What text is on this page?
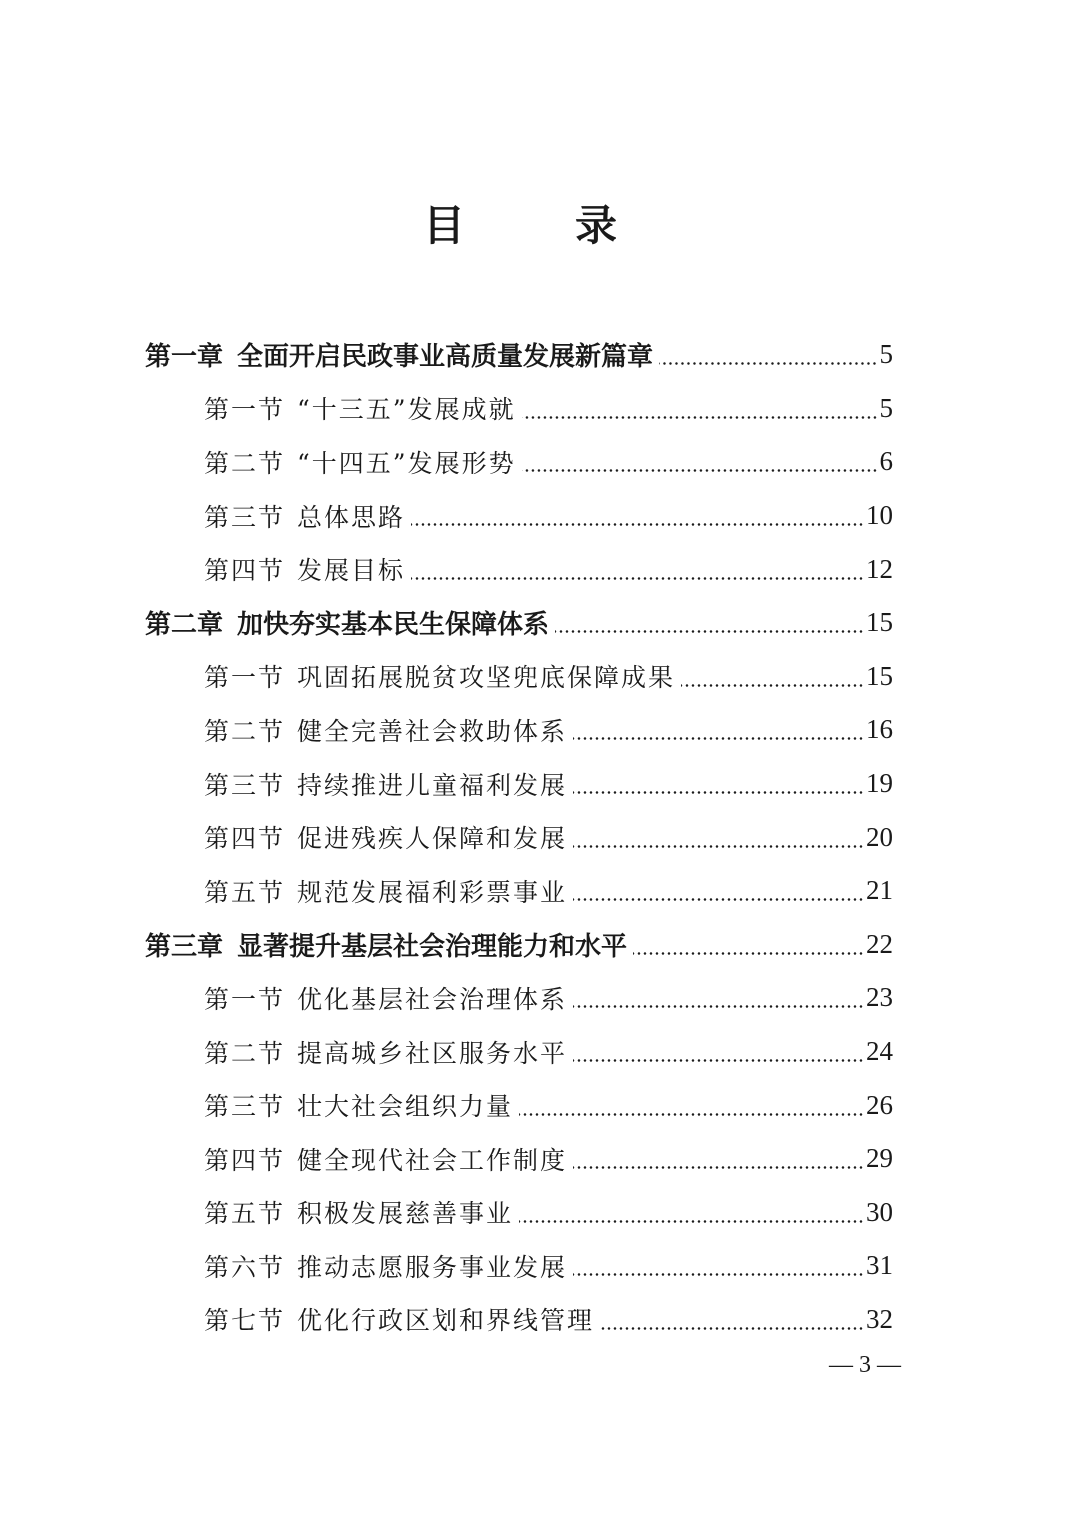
目　录
第一章 全面开启民政事业高质量发展新篇章	5
第一节 “十三五”发展成就	5
第二节 “十四五”发展形势	6
第三节 总体思路	10
第四节 发展目标	12
第二章 加快夯实基本民生保障体系	15
第一节 巩固拓展脱贫攻坚兜底保障成果	15
第二节 健全完善社会救助体系	16
第三节 持续推进儿童福利发展	19
第四节 促进残疾人保障和发展	20
第五节 规范发展福利彩票事业	21
第三章 显著提升基层社会治理能力和水平	22
第一节 优化基层社会治理体系	23
第二节 提高城乡社区服务水平	24
第三节 壮大社会组织力量	26
第四节 健全现代社会工作制度	29
第五节 积极发展慈善事业	30
第六节 推动志愿服务事业发展	31
第七节 优化行政区划和界线管理	32
— 3 —
